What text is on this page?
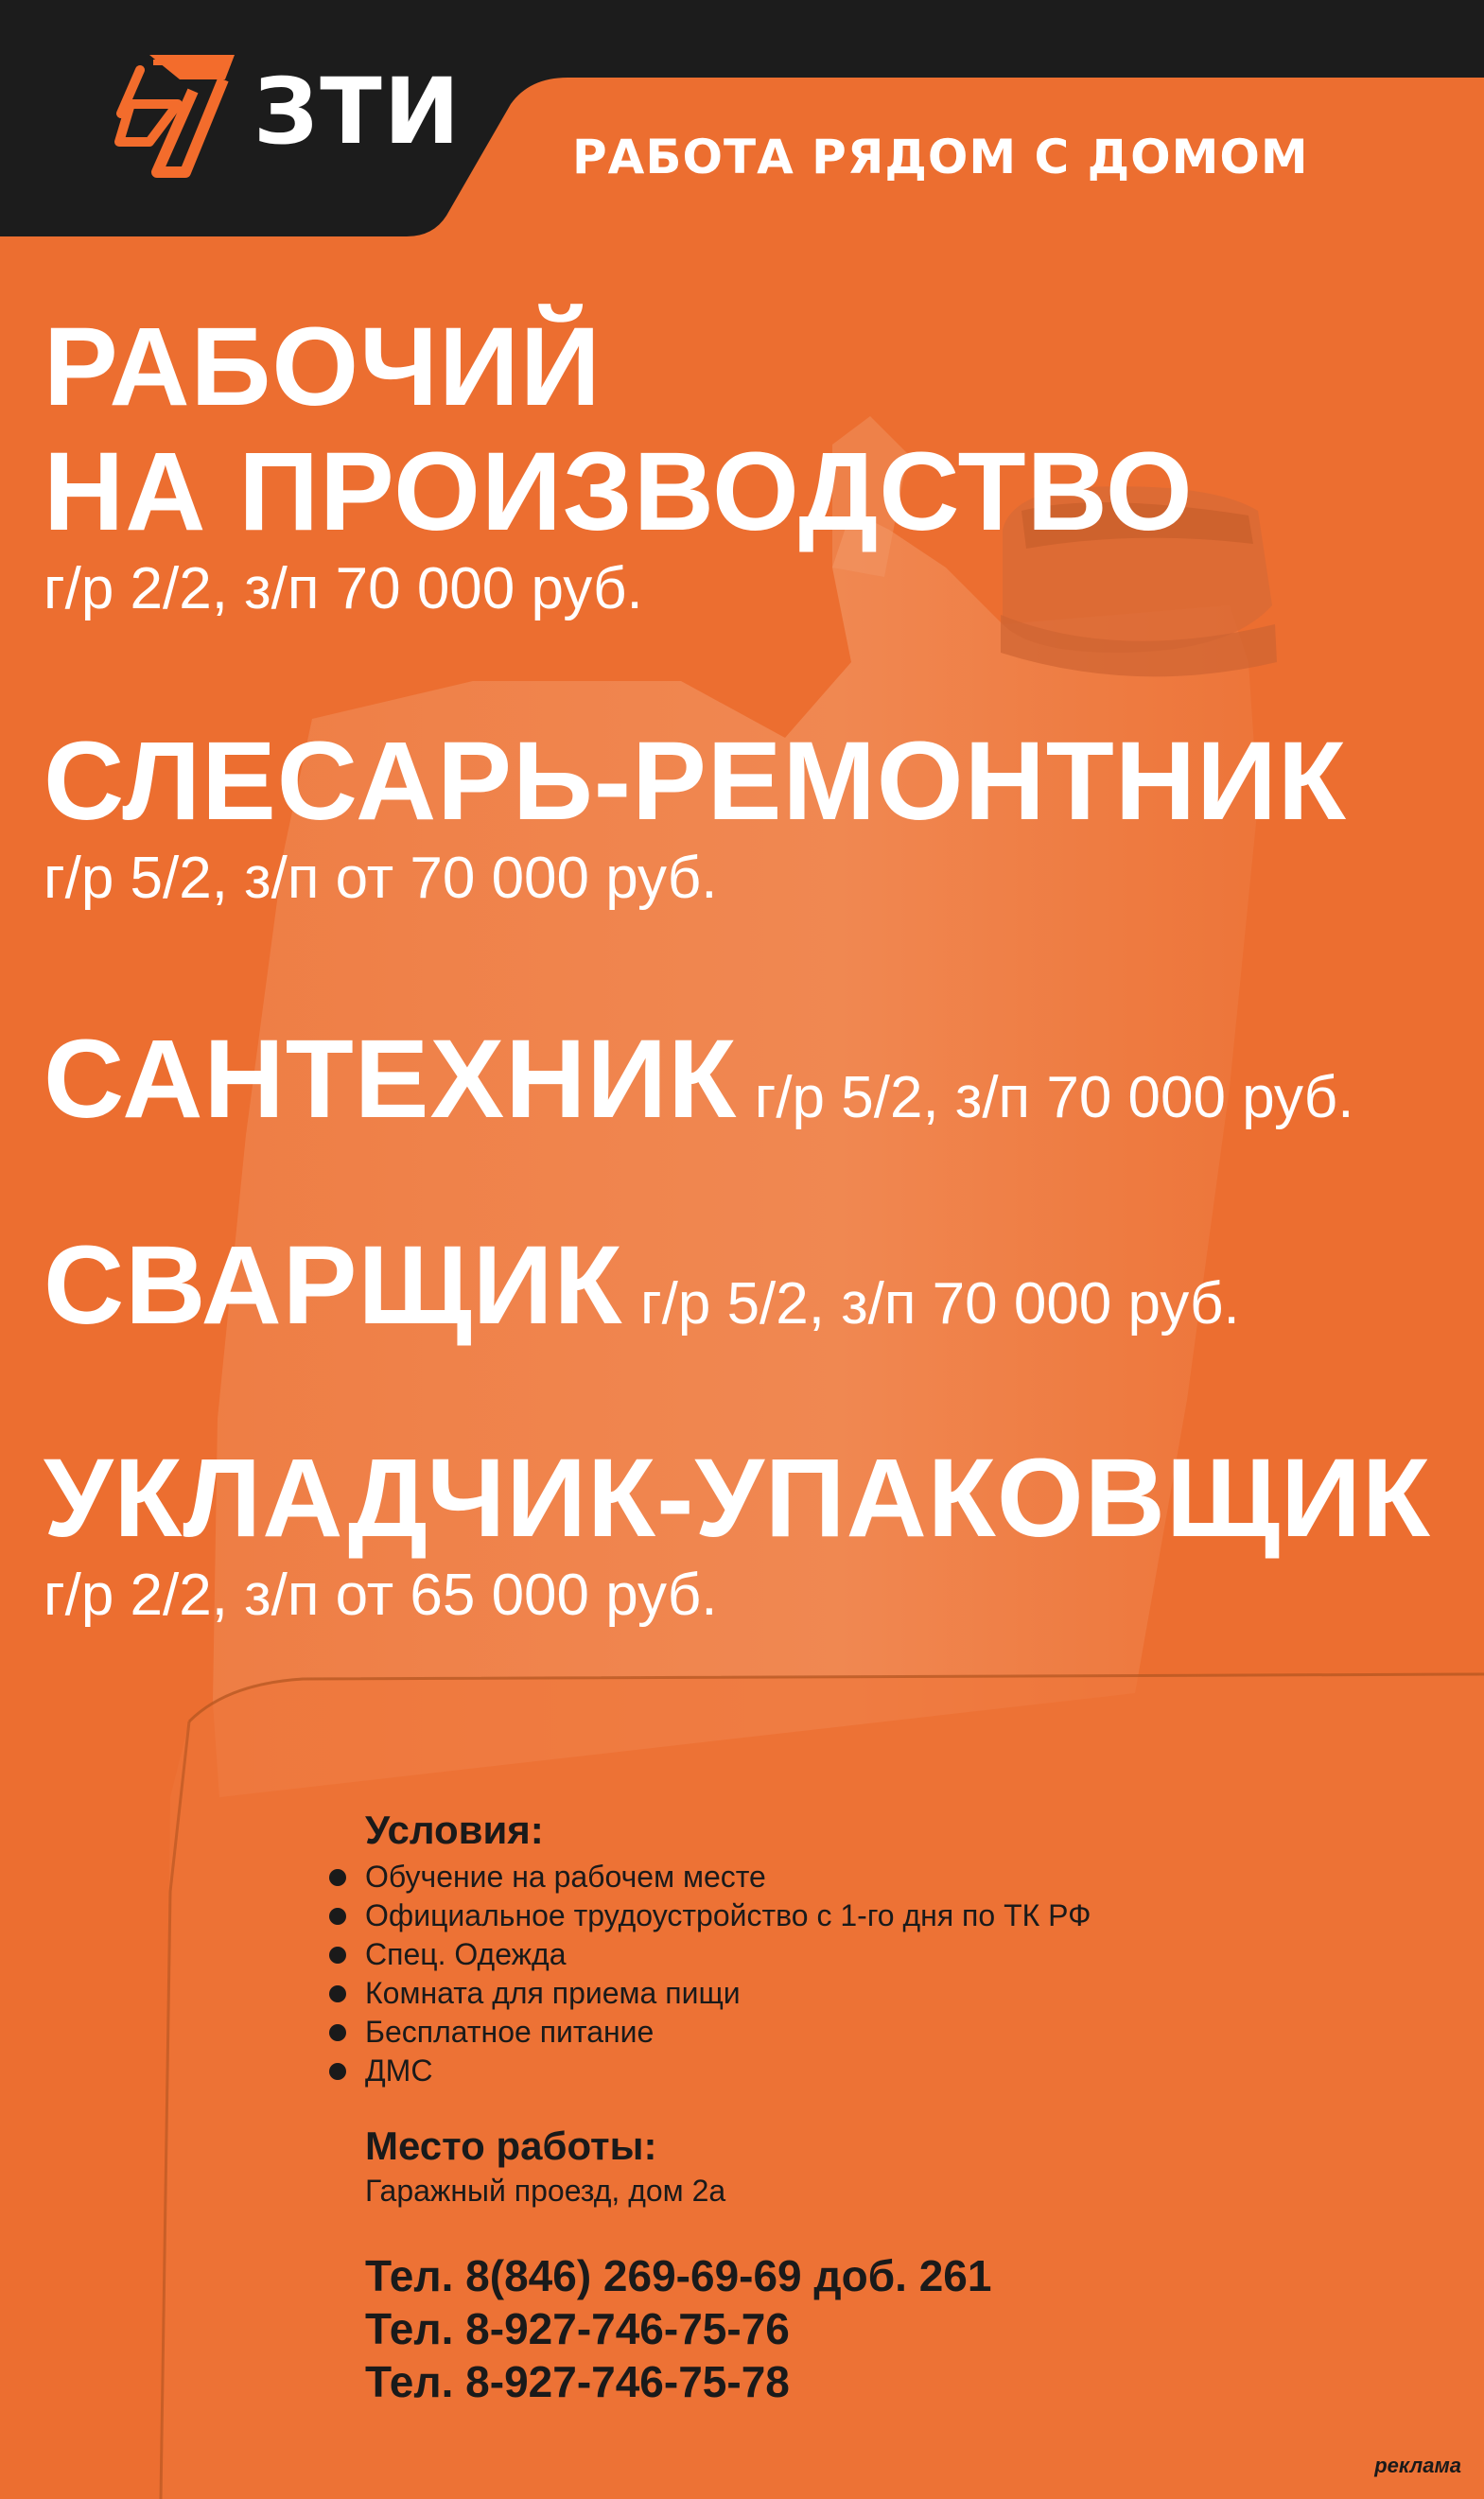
ЗТИ РАБОТА РЯДОМ С ДОМОМ
РАБОЧИЙ
НА ПРОИЗВОДСТВО
г/р 2/2, з/п 70 000 руб.
СЛЕСАРЬ-РЕМОНТНИК
г/р 5/2, з/п от 70 000 руб.
САНТЕХНИК г/р 5/2, з/п 70 000 руб.
СВАРЩИК г/р 5/2, з/п 70 000 руб.
УКЛАДЧИК-УПАКОВЩИК
г/р 2/2, з/п от 65 000 руб.
Условия:
Обучение на рабочем месте
Официальное трудоустройство с 1-го дня по ТК РФ
Спец. Одежда
Комната для приема пищи
Бесплатное питание
ДМС
Место работы:
Гаражный проезд, дом 2а
Тел. 8(846) 269-69-69 доб. 261
Тел. 8-927-746-75-76
Тел. 8-927-746-75-78
реклама
